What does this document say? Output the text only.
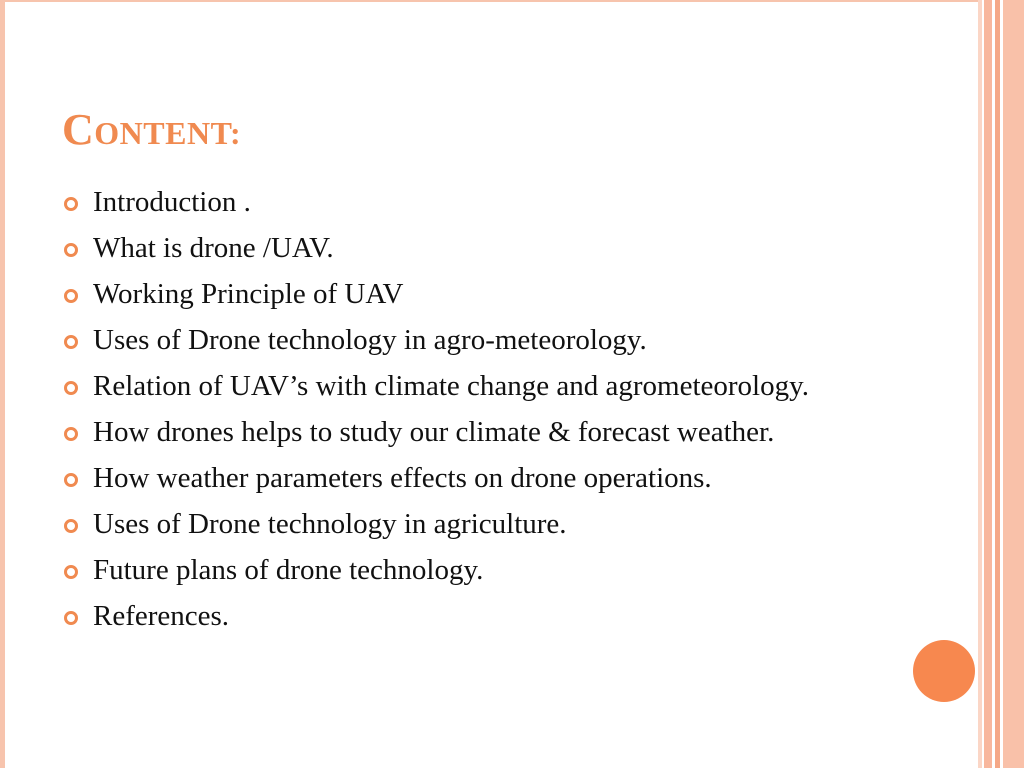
CONTENT:
Introduction .
What is drone /UAV.
Working Principle of UAV
Uses of Drone technology in agro-meteorology.
Relation of UAV’s with climate change and agrometeorology.
How drones helps to study our climate & forecast weather.
How weather parameters effects on drone operations.
Uses of Drone technology in agriculture.
Future plans of drone technology.
References.
